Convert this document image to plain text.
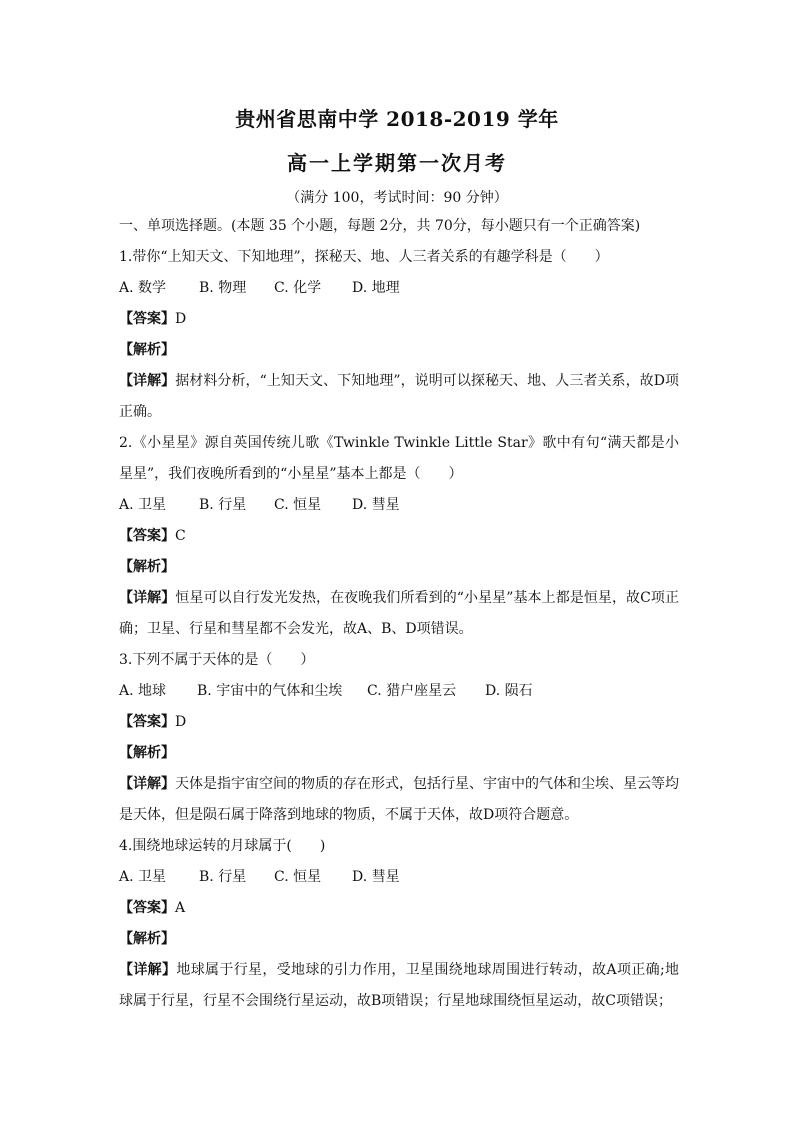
贵州省思南中学 2018-2019 学年
高一上学期第一次月考
（满分 100，考试时间：90 分钟）
一、单项选择题。(本题 35 个小题，每题 2分，共 70分，每小题只有一个正确答案)
1.带你“上知天文、下知地理”，探秘天、地、人三者关系的有趣学科是（　　）
A. 数学 B. 物理 C. 化学 D. 地理
【答案】D
【解析】
【详解】据材料分析，“上知天文、下知地理”，说明可以探秘天、地、人三者关系，故D项正确。
2.《小星星》源自英国传统儿歌《Twinkle Twinkle Little Star》歌中有句“满天都是小星星”，我们夜晚所看到的“小星星”基本上都是（　　）
A. 卫星 B. 行星 C. 恒星 D. 彗星
【答案】C
【解析】
【详解】恒星可以自行发光发热，在夜晚我们所看到的“小星星”基本上都是恒星，故C项正确；卫星、行星和彗星都不会发光，故A、B、D项错误。
3.下列不属于天体的是（　　）
A. 地球 B. 宇宙中的气体和尘埃 C. 猎户座星云 D. 陨石
【答案】D
【解析】
【详解】天体是指宇宙空间的物质的存在形式，包括行星、宇宙中的气体和尘埃、星云等均是天体，但是陨石属于降落到地球的物质，不属于天体，故D项符合题意。
4.围绕地球运转的月球属于(　　)
A. 卫星 B. 行星 C. 恒星 D. 彗星
【答案】A
【解析】
【详解】地球属于行星，受地球的引力作用，卫星围绕地球周围进行转动，故A项正确;地球属于行星，行星不会围绕行星运动，故B项错误；行星地球围绕恒星运动，故C项错误；
